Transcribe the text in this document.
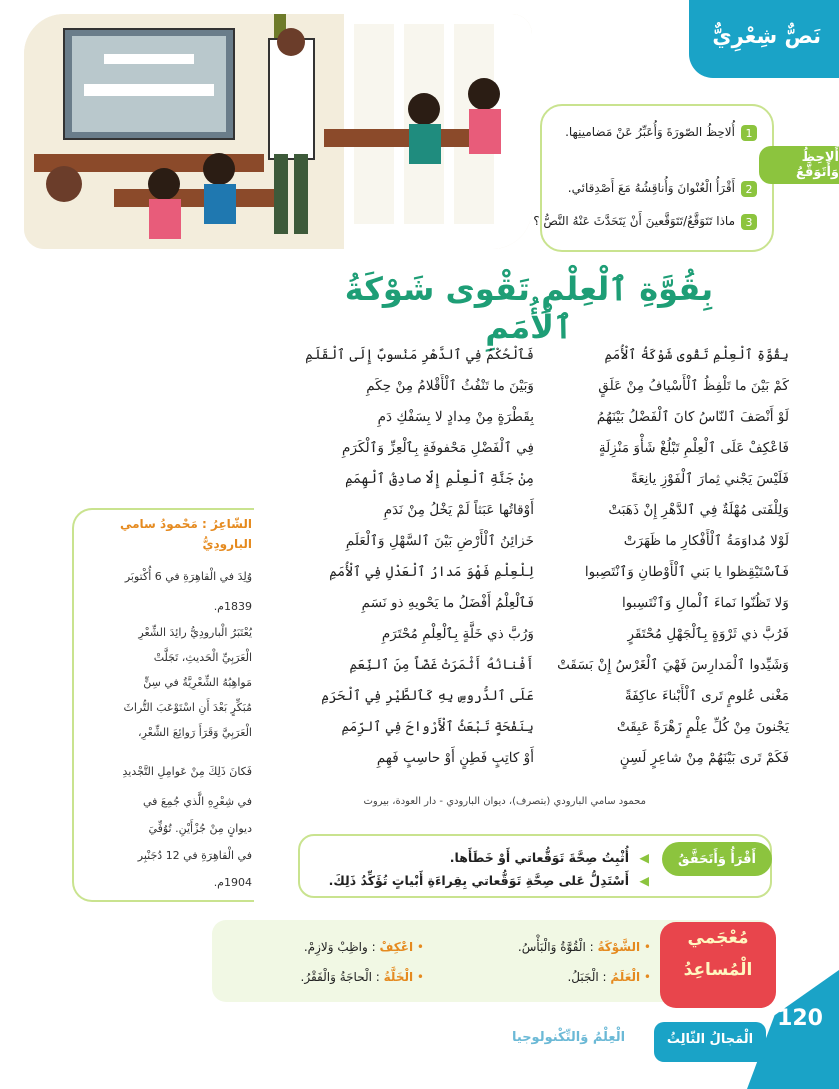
نَصٌّ شِعْرِيٌّ
أَلاحِظُ وَأَتَوَقَّعُ
1
أُلاحِظُ الصّورَةَ وَأُعَبِّرُ عَنْ مَضامينِها.
2
أَقْرَأُ الْعُنْوانَ وَأُناقِشُهُ مَعَ أَصْدِقائي.
3
ماذا تَتَوَقَّعُ/تَتَوَقَّعينَ أَنْ يَتَحَدَّثَ عَنْهُ النَّصُّ ؟
بِقُوَّةِ ٱلْعِلْمِ تَقْوى شَوْكَةُ ٱلْأُمَمِ
بِقُوَّةِ ٱلْعِلْمِ تَقْوى شَوْكَةُ ٱلْأُمَمِ
فَٱلْحُكْمُ فِي ٱلدَّهْرِ مَنْسوبٌ إِلَى ٱلْقَلَمِ
كَمْ بَيْنَ ما تَلْفِظُ ٱلْأَسْيافُ مِنْ عَلَقٍ
وَبَيْنَ ما تَنْفُثُ ٱلْأَقْلامُ مِنْ حِكَمِ
لَوْ أَنْصَفَ ٱلنّاسُ كانَ ٱلْفَضْلُ بَيْنَهُمُ
بِقَطْرَةٍ مِنْ مِدادٍ لا بِسَفْكِ دَمِ
فَاعْكِفْ عَلَى ٱلْعِلْمِ تَبْلُغْ شَأْوَ مَنْزِلَةٍ
فِي ٱلْفَضْلِ مَحْفوفَةٍ بِٱلْعِزِّ وَٱلْكَرَمِ
فَلَيْسَ يَجْني ثِمارَ ٱلْفَوْزِ يانِعَةً
مِنْ جَنَّةِ ٱلْعِلْمِ إِلّا صادِقُ ٱلْهِمَمِ
وَلِلْفَتى مُهْلَةٌ فِي ٱلدَّهْرِ إِنْ ذَهَبَتْ
أَوْقاتُها عَبَثاً لَمْ يَخْلُ مِنْ نَدَمِ
لَوْلا مُداوَمَةُ ٱلْأَفْكارِ ما ظَهَرَتْ
خَزائِنُ ٱلْأَرْضِ بَيْنَ ٱلسَّهْلِ وَٱلْعَلَمِ
فَٱسْتَيْقِظوا يا بَني ٱلْأَوْطانِ وَٱنْتَصِبوا
لِلْعِلْمِ فَهْوَ مَدارُ ٱلْعَدْلِ فِي ٱلْأُمَمِ
وَلا تَظُنّوا نَماءَ ٱلْمالِ وَٱنْتَسِبوا
فَٱلْعِلْمُ أَفْضَلُ ما يَحْويهِ ذو نَسَمِ
فَرُبَّ ذي ثَرْوَةٍ بِٱلْجَهْلِ مُحْتَقَرٍ
وَرُبَّ ذي خَلَّةٍ بِٱلْعِلْمِ مُحْتَرَمِ
وَشَيِّدوا ٱلْمَدارِسَ فَهْيَ ٱلْغَرْسُ إِنْ بَسَقَتْ
أَفْنانُهُ أَثْمَرَتْ غَضّاً مِنَ ٱلنِّعَمِ
مَغْنى عُلومٍ تَرى ٱلْأَبْناءَ عاكِفَةً
عَلَى ٱلدُّروسِ بِهِ كَٱلطَّيْرِ فِي ٱلْحَرَمِ
يَجْنونَ مِنْ كُلِّ عِلْمٍ زَهْرَةً عَبِقَتْ
بِنَفْحَةٍ تَبْعَثُ ٱلْأَرْواحَ فِي ٱلرِّمَمِ
فَكَمْ تَرى بَيْنَهُمْ مِنْ شاعِرٍ لَسِنٍ
أَوْ كاتِبٍ فَطِنٍ أَوْ حاسِبٍ فَهِمِ
محمود سامي البارودي (بتصرف)، ديوان البارودي - دار العودة، بيروت
الشّاعِرُ : مَحْمودُ سامي البارودِيُّ
وُلِدَ في الْقاهِرَةِ في 6 أُكْتوبَر
1839م.
يُعْتَبَرُ الْبارودِيُّ رائِدَ الشِّعْرِ
الْعَرَبِيِّ الْحَديثِ، تَجَلَّتْ
مَواهِبُهُ الشِّعْرِيَّةُ في سِنٍّ
مُبَكِّرٍ بَعْدَ أَنِ اسْتَوْعَبَ التُّراثَ
الْعَرَبِيَّ وَقَرَأَ رَوائِعَ الشِّعْرِ،
فَكانَ ذَلِكَ مِنْ عَوامِلِ التَّجْديدِ
في شِعْرِهِ الَّذي جُمِعَ في
ديوانٍ مِنْ جُزْأَيْنِ. تُوُفِّيَ
في الْقاهِرَةِ في 12 دُجَنْبِر
1904م.
أَقْرَأُ وَأَتَحَقَّقُ
◀ أُثْبِتُ صِحَّةَ تَوَقُّعاتي أَوْ خَطَأَها.
◀ أَسْتَدِلُّ عَلى صِحَّةِ تَوَقُّعاتي بِقِراءَةِ أَبْياتٍ تُؤَكِّدُ ذَلِكَ.
مُعْجَمي
الْمُساعِدُ
• الشَّوْكَةُ : الْقُوَّةُ وَالْبَأْسُ.
• اعْكِفْ : واظِبْ وَلازِمْ.
• الْعَلَمُ : الْجَبَلُ.
• الْخَلَّةُ : الْحاجَةُ وَالْفَقْرُ.
120
الْمَجالُ الثّالِثُ
الْعِلْمُ وَالتِّكْنولوجيا
